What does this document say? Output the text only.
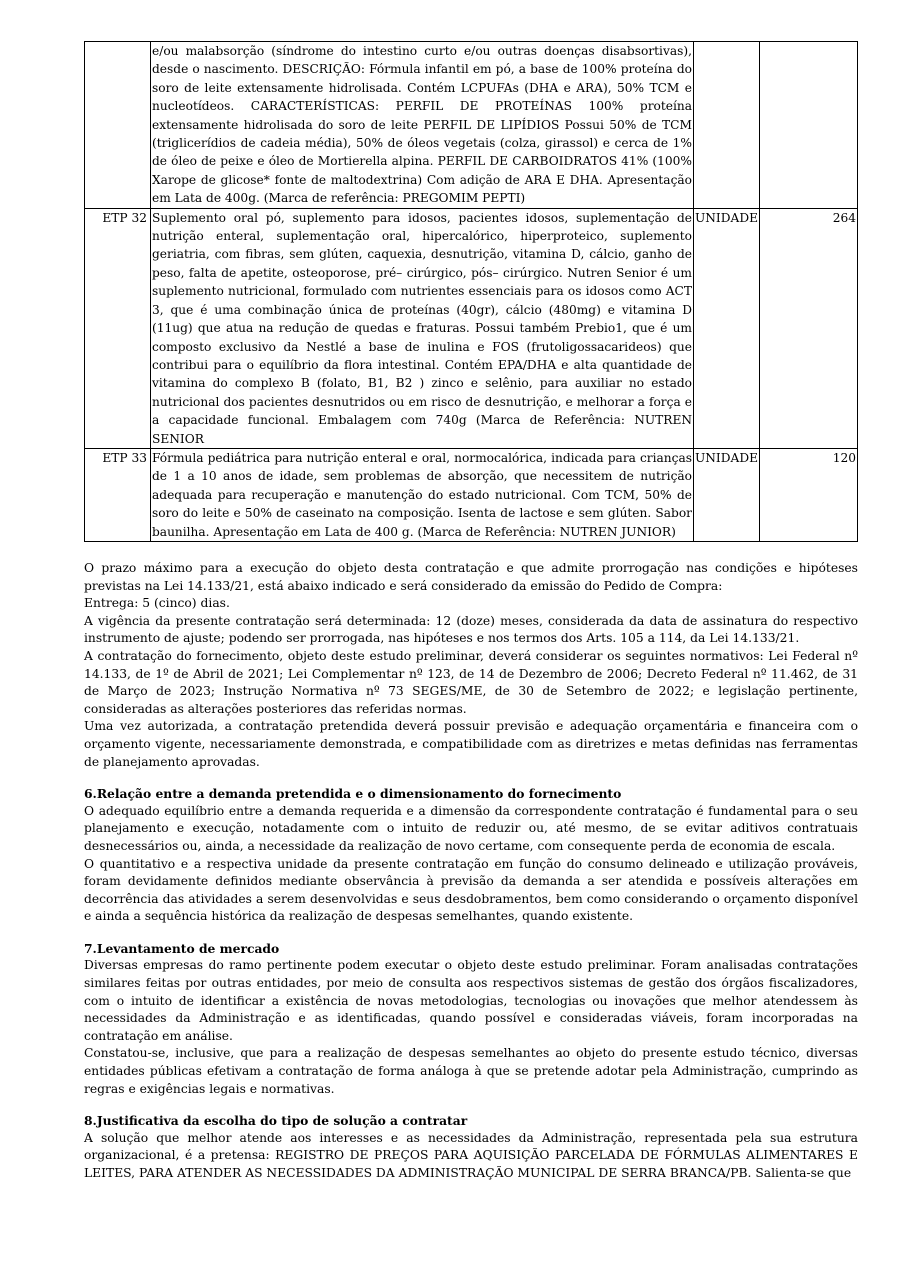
	e/ou malabsorção (síndrome do intestino curto e/ou outras doenças disabsortivas), desde o nascimento. DESCRIÇÃO: Fórmula infantil em pó, a base de 100% proteína do soro de leite extensamente hidrolisada. Contém LCPUFAs (DHA e ARA), 50% TCM e nucleotídeos. CARACTERÍSTICAS: PERFIL DE PROTEÍNAS 100% proteína extensamente hidrolisada do soro de leite PERFIL DE LIPÍDIOS Possui 50% de TCM (triglicerídios de cadeia média), 50% de óleos vegetais (colza, girassol) e cerca de 1% de óleo de peixe e óleo de Mortierella alpina. PERFIL DE CARBOIDRATOS 41% (100% Xarope de glicose* fonte de maltodextrina) Com adição de ARA E DHA. Apresentação em Lata de 400g. (Marca de referência: PREGOMIM PEPTI)		
ETP 32	Suplemento oral pó, suplemento para idosos, pacientes idosos, suplementação de nutrição enteral, suplementação oral, hipercalórico, hiperproteico, suplemento geriatria, com fibras, sem glúten, caquexia, desnutrição, vitamina D, cálcio, ganho de peso, falta de apetite, osteoporose, pré– cirúrgico, pós– cirúrgico. Nutren Senior é um suplemento nutricional, formulado com nutrientes essenciais para os idosos como ACT 3, que é uma combinação única de proteínas (40gr), cálcio (480mg) e vitamina D (11ug) que atua na redução de quedas e fraturas. Possui também Prebio1, que é um composto exclusivo da Nestlé a base de inulina e FOS (frutoligossacarideos) que contribui para o equilíbrio da flora intestinal. Contém EPA/DHA e alta quantidade de vitamina do complexo B (folato, B1, B2 ) zinco e selênio, para auxiliar no estado nutricional dos pacientes desnutridos ou em risco de desnutrição, e melhorar a força e a capacidade funcional. Embalagem com 740g (Marca de Referência: NUTREN SENIOR	UNIDADE	264
ETP 33	Fórmula pediátrica para nutrição enteral e oral, normocalórica, indicada para crianças de 1 a 10 anos de idade, sem problemas de absorção, que necessitem de nutrição adequada para recuperação e manutenção do estado nutricional. Com TCM, 50% de soro do leite e 50% de caseinato na composição. Isenta de lactose e sem glúten. Sabor baunilha. Apresentação em Lata de 400 g. (Marca de Referência: NUTREN JUNIOR)	UNIDADE	120

O prazo máximo para a execução do objeto desta contratação e que admite prorrogação nas condições e hipóteses previstas na Lei 14.133/21, está abaixo indicado e será considerado da emissão do Pedido de Compra:

Entrega: 5 (cinco) dias.

A vigência da presente contratação será determinada: 12 (doze) meses, considerada da data de assinatura do respectivo instrumento de ajuste; podendo ser prorrogada, nas hipóteses e nos termos dos Arts. 105 a 114, da Lei 14.133/21.

A contratação do fornecimento, objeto deste estudo preliminar, deverá considerar os seguintes normativos: Lei Federal nº 14.133, de 1º de Abril de 2021; Lei Complementar nº 123, de 14 de Dezembro de 2006; Decreto Federal nº 11.462, de 31 de Março de 2023; Instrução Normativa nº 73 SEGES/ME, de 30 de Setembro de 2022; e legislação pertinente, consideradas as alterações posteriores das referidas normas.

Uma vez autorizada, a contratação pretendida deverá possuir previsão e adequação orçamentária e financeira com o orçamento vigente, necessariamente demonstrada, e compatibilidade com as diretrizes e metas definidas nas ferramentas de planejamento aprovadas.

6.Relação entre a demanda pretendida e o dimensionamento do fornecimento

O adequado equilíbrio entre a demanda requerida e a dimensão da correspondente contratação é fundamental para o seu planejamento e execução, notadamente com o intuito de reduzir ou, até mesmo, de se evitar aditivos contratuais desnecessários ou, ainda, a necessidade da realização de novo certame, com consequente perda de economia de escala.

O quantitativo e a respectiva unidade da presente contratação em função do consumo delineado e utilização prováveis, foram devidamente definidos mediante observância à previsão da demanda a ser atendida e possíveis alterações em decorrência das atividades a serem desenvolvidas e seus desdobramentos, bem como considerando o orçamento disponível e ainda a sequência histórica da realização de despesas semelhantes, quando existente.

7.Levantamento de mercado

Diversas empresas do ramo pertinente podem executar o objeto deste estudo preliminar. Foram analisadas contratações similares feitas por outras entidades, por meio de consulta aos respectivos sistemas de gestão dos órgãos fiscalizadores, com o intuito de identificar a existência de novas metodologias, tecnologias ou inovações que melhor atendessem às necessidades da Administração e as identificadas, quando possível e consideradas viáveis, foram incorporadas na contratação em análise.

Constatou-se, inclusive, que para a realização de despesas semelhantes ao objeto do presente estudo técnico, diversas entidades públicas efetivam a contratação de forma análoga à que se pretende adotar pela Administração, cumprindo as regras e exigências legais e normativas.

8.Justificativa da escolha do tipo de solução a contratar

A solução que melhor atende aos interesses e as necessidades da Administração, representada pela sua estrutura organizacional, é a pretensa: REGISTRO DE PREÇOS PARA AQUISIÇÃO PARCELADA DE FÓRMULAS ALIMENTARES E LEITES, PARA ATENDER AS NECESSIDADES DA ADMINISTRAÇÃO MUNICIPAL DE SERRA BRANCA/PB. Salienta-se que
